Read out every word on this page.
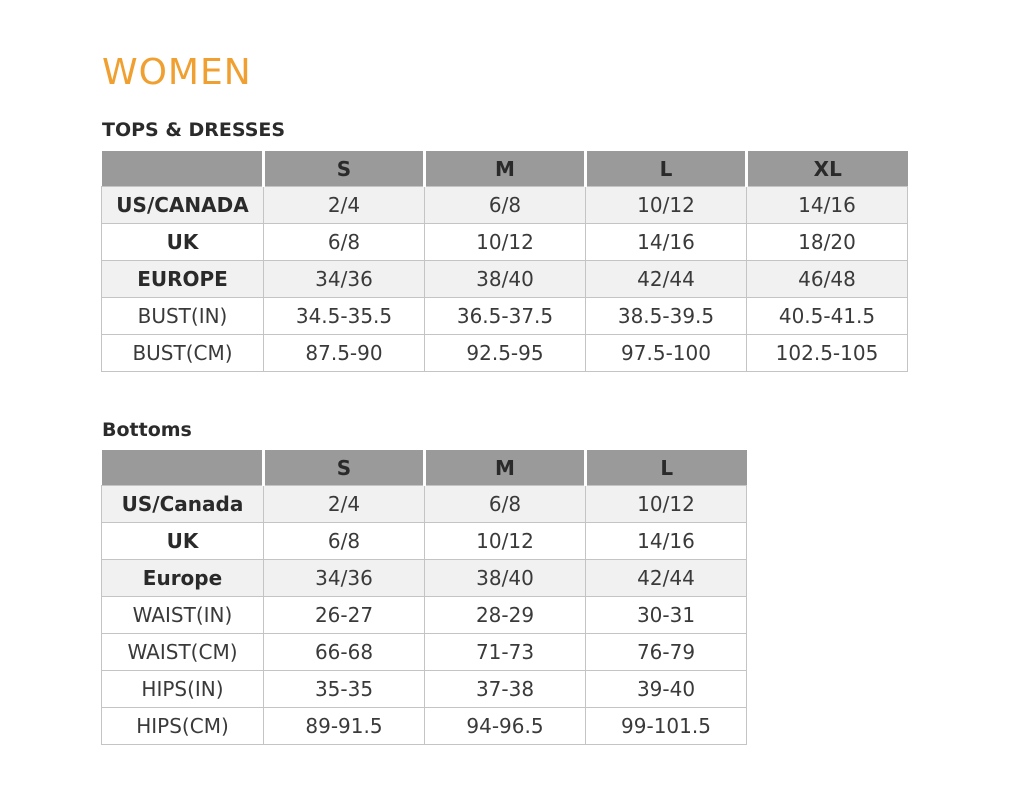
WOMEN
TOPS & DRESSES
	S	M	L	XL
US/CANADA	2/4	6/8	10/12	14/16
UK	6/8	10/12	14/16	18/20
EUROPE	34/36	38/40	42/44	46/48
BUST(IN)	34.5-35.5	36.5-37.5	38.5-39.5	40.5-41.5
BUST(CM)	87.5-90	92.5-95	97.5-100	102.5-105
Bottoms
	S	M	L
US/Canada	2/4	6/8	10/12
UK	6/8	10/12	14/16
Europe	34/36	38/40	42/44
WAIST(IN)	26-27	28-29	30-31
WAIST(CM)	66-68	71-73	76-79
HIPS(IN)	35-35	37-38	39-40
HIPS(CM)	89-91.5	94-96.5	99-101.5
